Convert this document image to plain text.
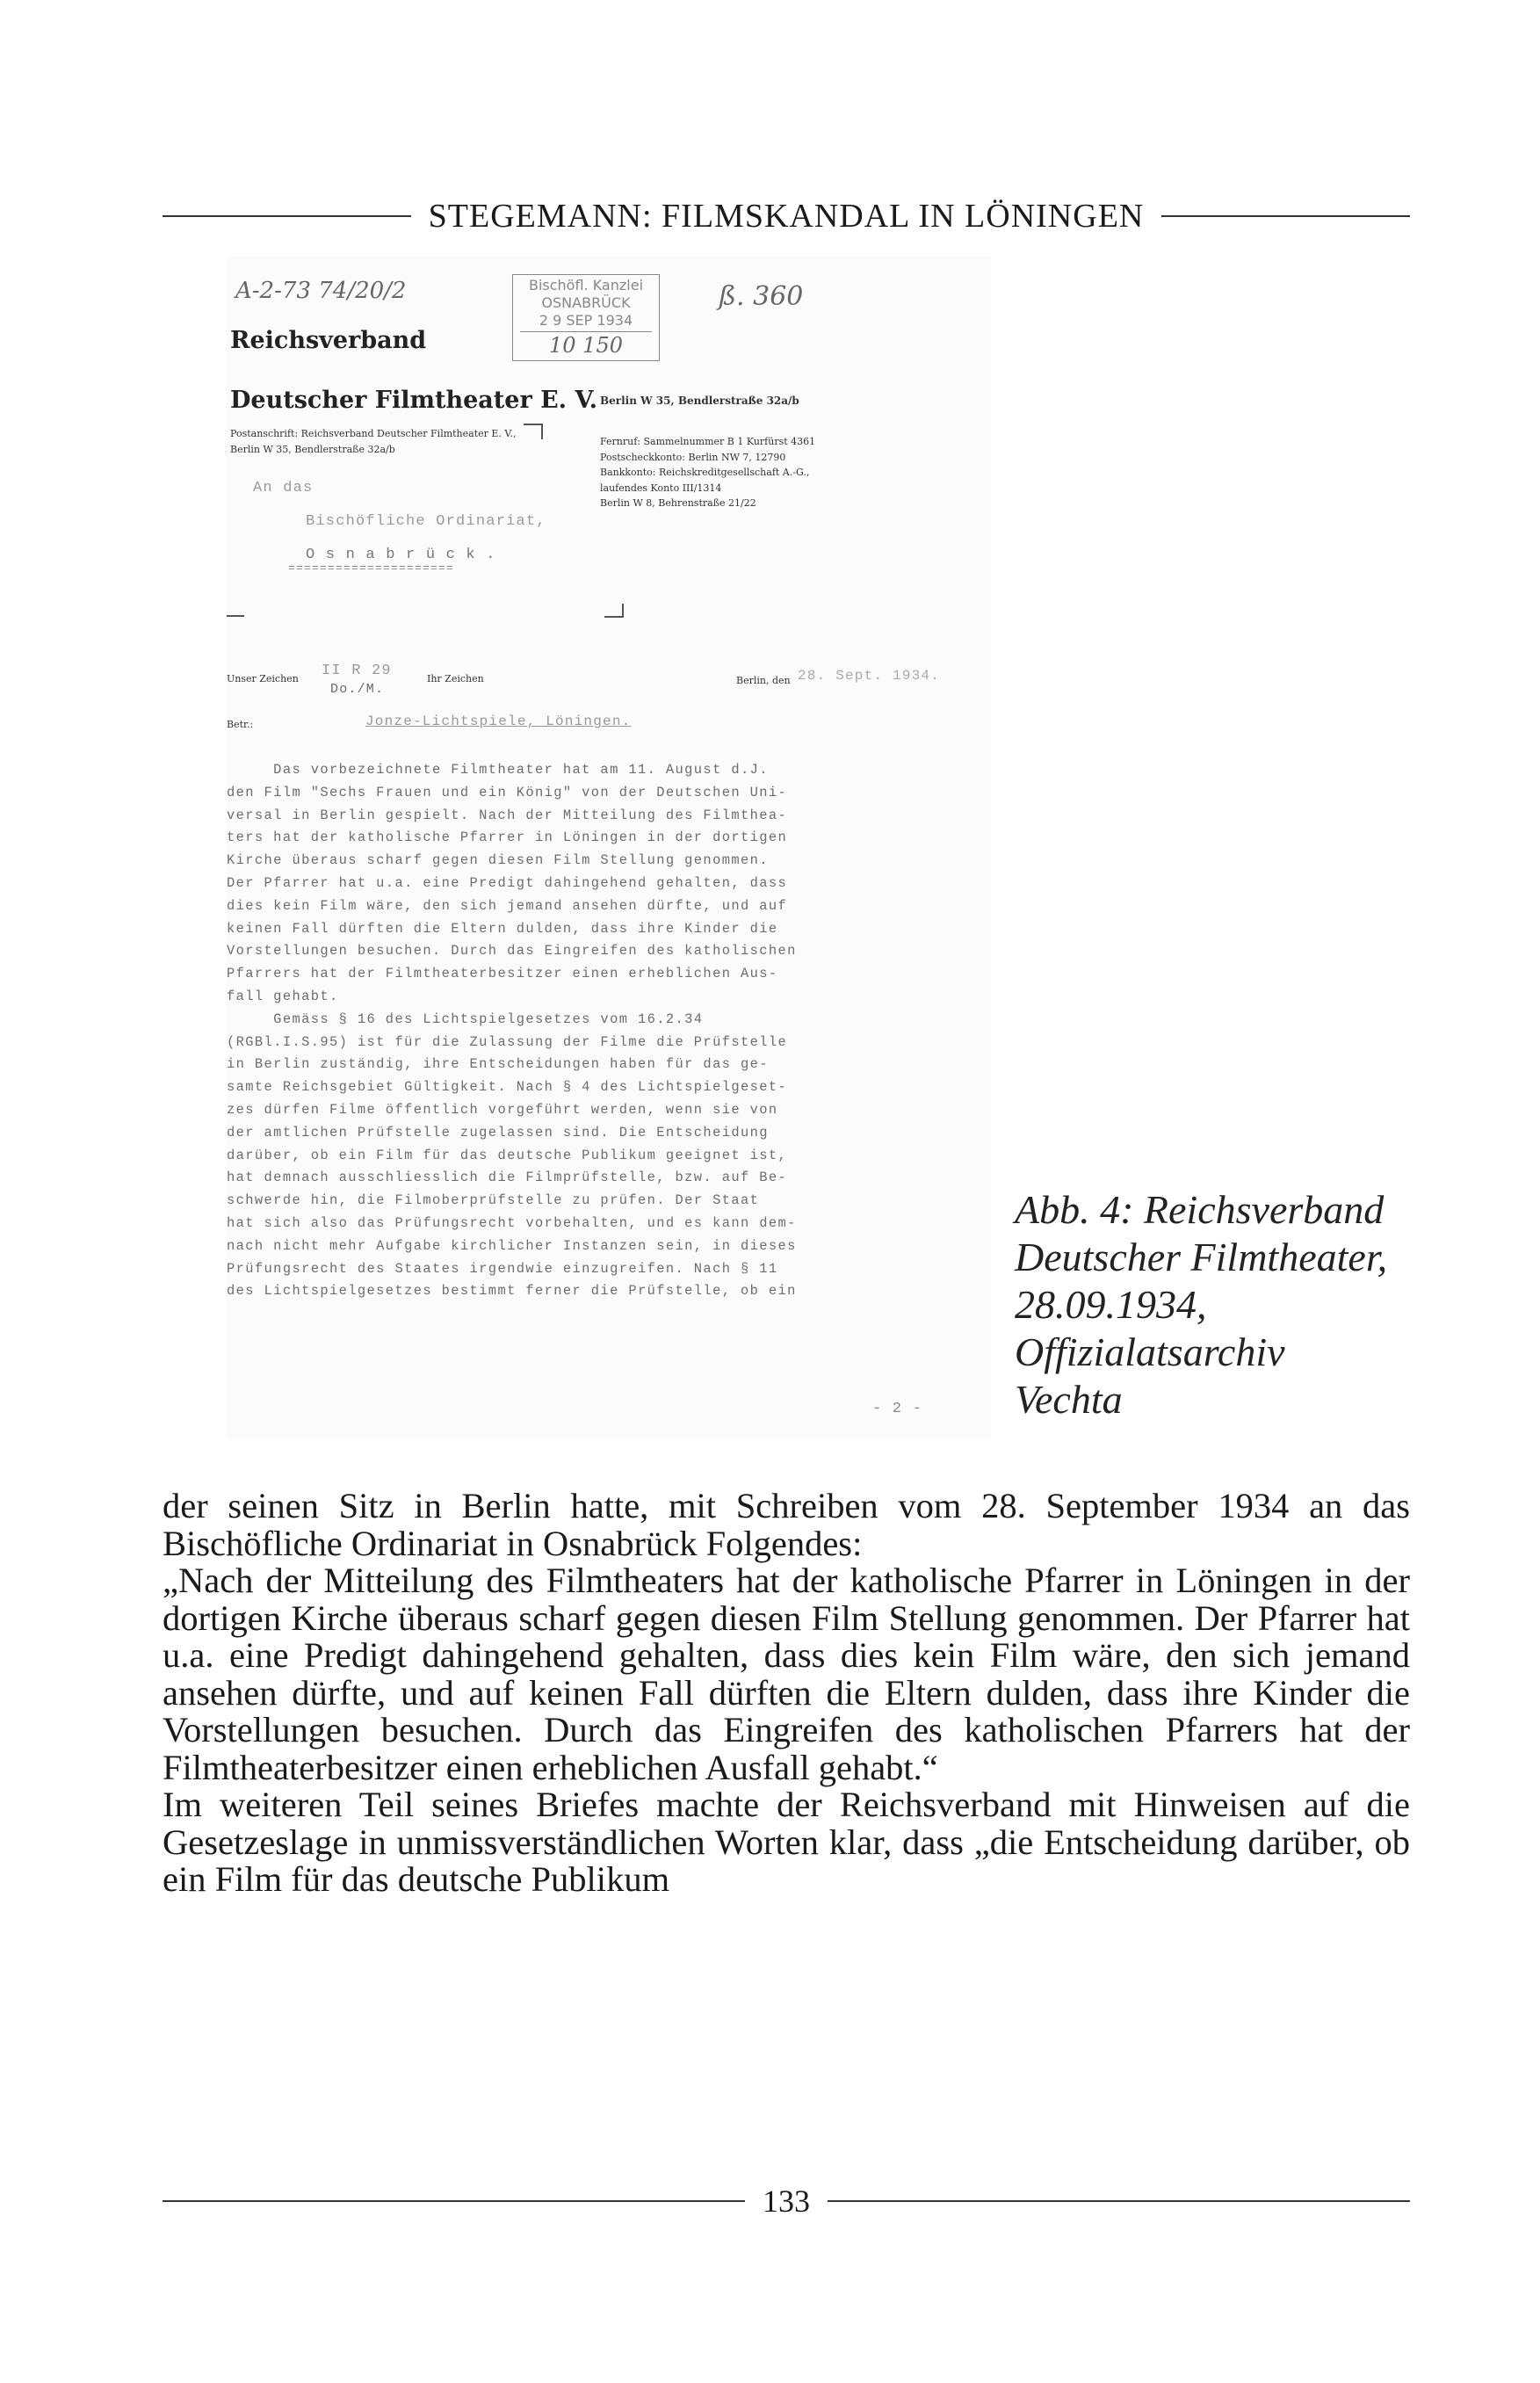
STEGEMANN: FILMSKANDAL IN LÖNINGEN
A-2-73 74/20/2	ß. 360
Bischöfl. Kanzlei
OSNABRÜCK
2 9 SEP 1934
10 150
Reichsverband
Deutscher Filmtheater E. V. Berlin W 35, Bendlerstraße 32a/b
Postanschrift: Reichsverband Deutscher Filmtheater E. V., Berlin W 35, Bendlerstraße 32a/b
Fernruf: Sammelnummer B 1 Kurfürst 4361
Postscheckkonto: Berlin NW 7, 12790
Bankkonto: Reichskreditgesellschaft A.-G.,
laufendes Konto III/1314
Berlin W 8, Behrenstraße 21/22
An das
Bischöfliche Ordinariat,
O s n a b r ü c k .
=====================
Unser Zeichen II R 29
Do./M.
Ihr Zeichen	Berlin, den 28. Sept. 1934.
Betr.:	Jonze-Lichtspiele, Löningen.

Das vorbezeichnete Filmtheater hat am 11. August d.J.

den Film "Sechs Frauen und ein König" von der Deutschen Uni-

versal in Berlin gespielt. Nach der Mitteilung des Filmthea-

ters hat der katholische Pfarrer in Löningen in der dortigen

Kirche überaus scharf gegen diesen Film Stellung genommen.

Der Pfarrer hat u.a. eine Predigt dahingehend gehalten, dass

dies kein Film wäre, den sich jemand ansehen dürfte, und auf

keinen Fall dürften die Eltern dulden, dass ihre Kinder die

Vorstellungen besuchen. Durch das Eingreifen des katholischen

Pfarrers hat der Filmtheaterbesitzer einen erheblichen Aus-

fall gehabt.

Gemäss § 16 des Lichtspielgesetzes vom 16.2.34

(RGBl.I.S.95) ist für die Zulassung der Filme die Prüfstelle

in Berlin zuständig, ihre Entscheidungen haben für das ge-

samte Reichsgebiet Gültigkeit. Nach § 4 des Lichtspielgeset-

zes dürfen Filme öffentlich vorgeführt werden, wenn sie von

der amtlichen Prüfstelle zugelassen sind. Die Entscheidung

darüber, ob ein Film für das deutsche Publikum geeignet ist,

hat demnach ausschliesslich die Filmprüfstelle, bzw. auf Be-

schwerde hin, die Filmoberprüfstelle zu prüfen. Der Staat

hat sich also das Prüfungsrecht vorbehalten, und es kann dem-

nach nicht mehr Aufgabe kirchlicher Instanzen sein, in dieses

Prüfungsrecht des Staates irgendwie einzugreifen. Nach § 11

des Lichtspielgesetzes bestimmt ferner die Prüfstelle, ob ein

- 2 -
Abb. 4: Reichsverband
Deutscher Filmtheater,
28.09.1934,
Offizialatsarchiv
Vechta

der seinen Sitz in Berlin hatte, mit Schreiben vom 28. September 1934 an das Bischöfliche Ordinariat in Osnabrück Folgendes:

„Nach der Mitteilung des Filmtheaters hat der katholische Pfarrer in Löningen in der dortigen Kirche überaus scharf gegen diesen Film Stellung genommen. Der Pfarrer hat u.a. eine Predigt dahingehend gehalten, dass dies kein Film wäre, den sich jemand ansehen dürfte, und auf keinen Fall dürften die Eltern dulden, dass ihre Kinder die Vorstellungen besuchen. Durch das Eingreifen des katholischen Pfarrers hat der Filmtheaterbesitzer einen erheblichen Ausfall gehabt.“

Im weiteren Teil seines Briefes machte der Reichsverband mit Hinweisen auf die Gesetzeslage in unmissverständlichen Worten klar, dass „die Entscheidung darüber, ob ein Film für das deutsche Publikum

133
